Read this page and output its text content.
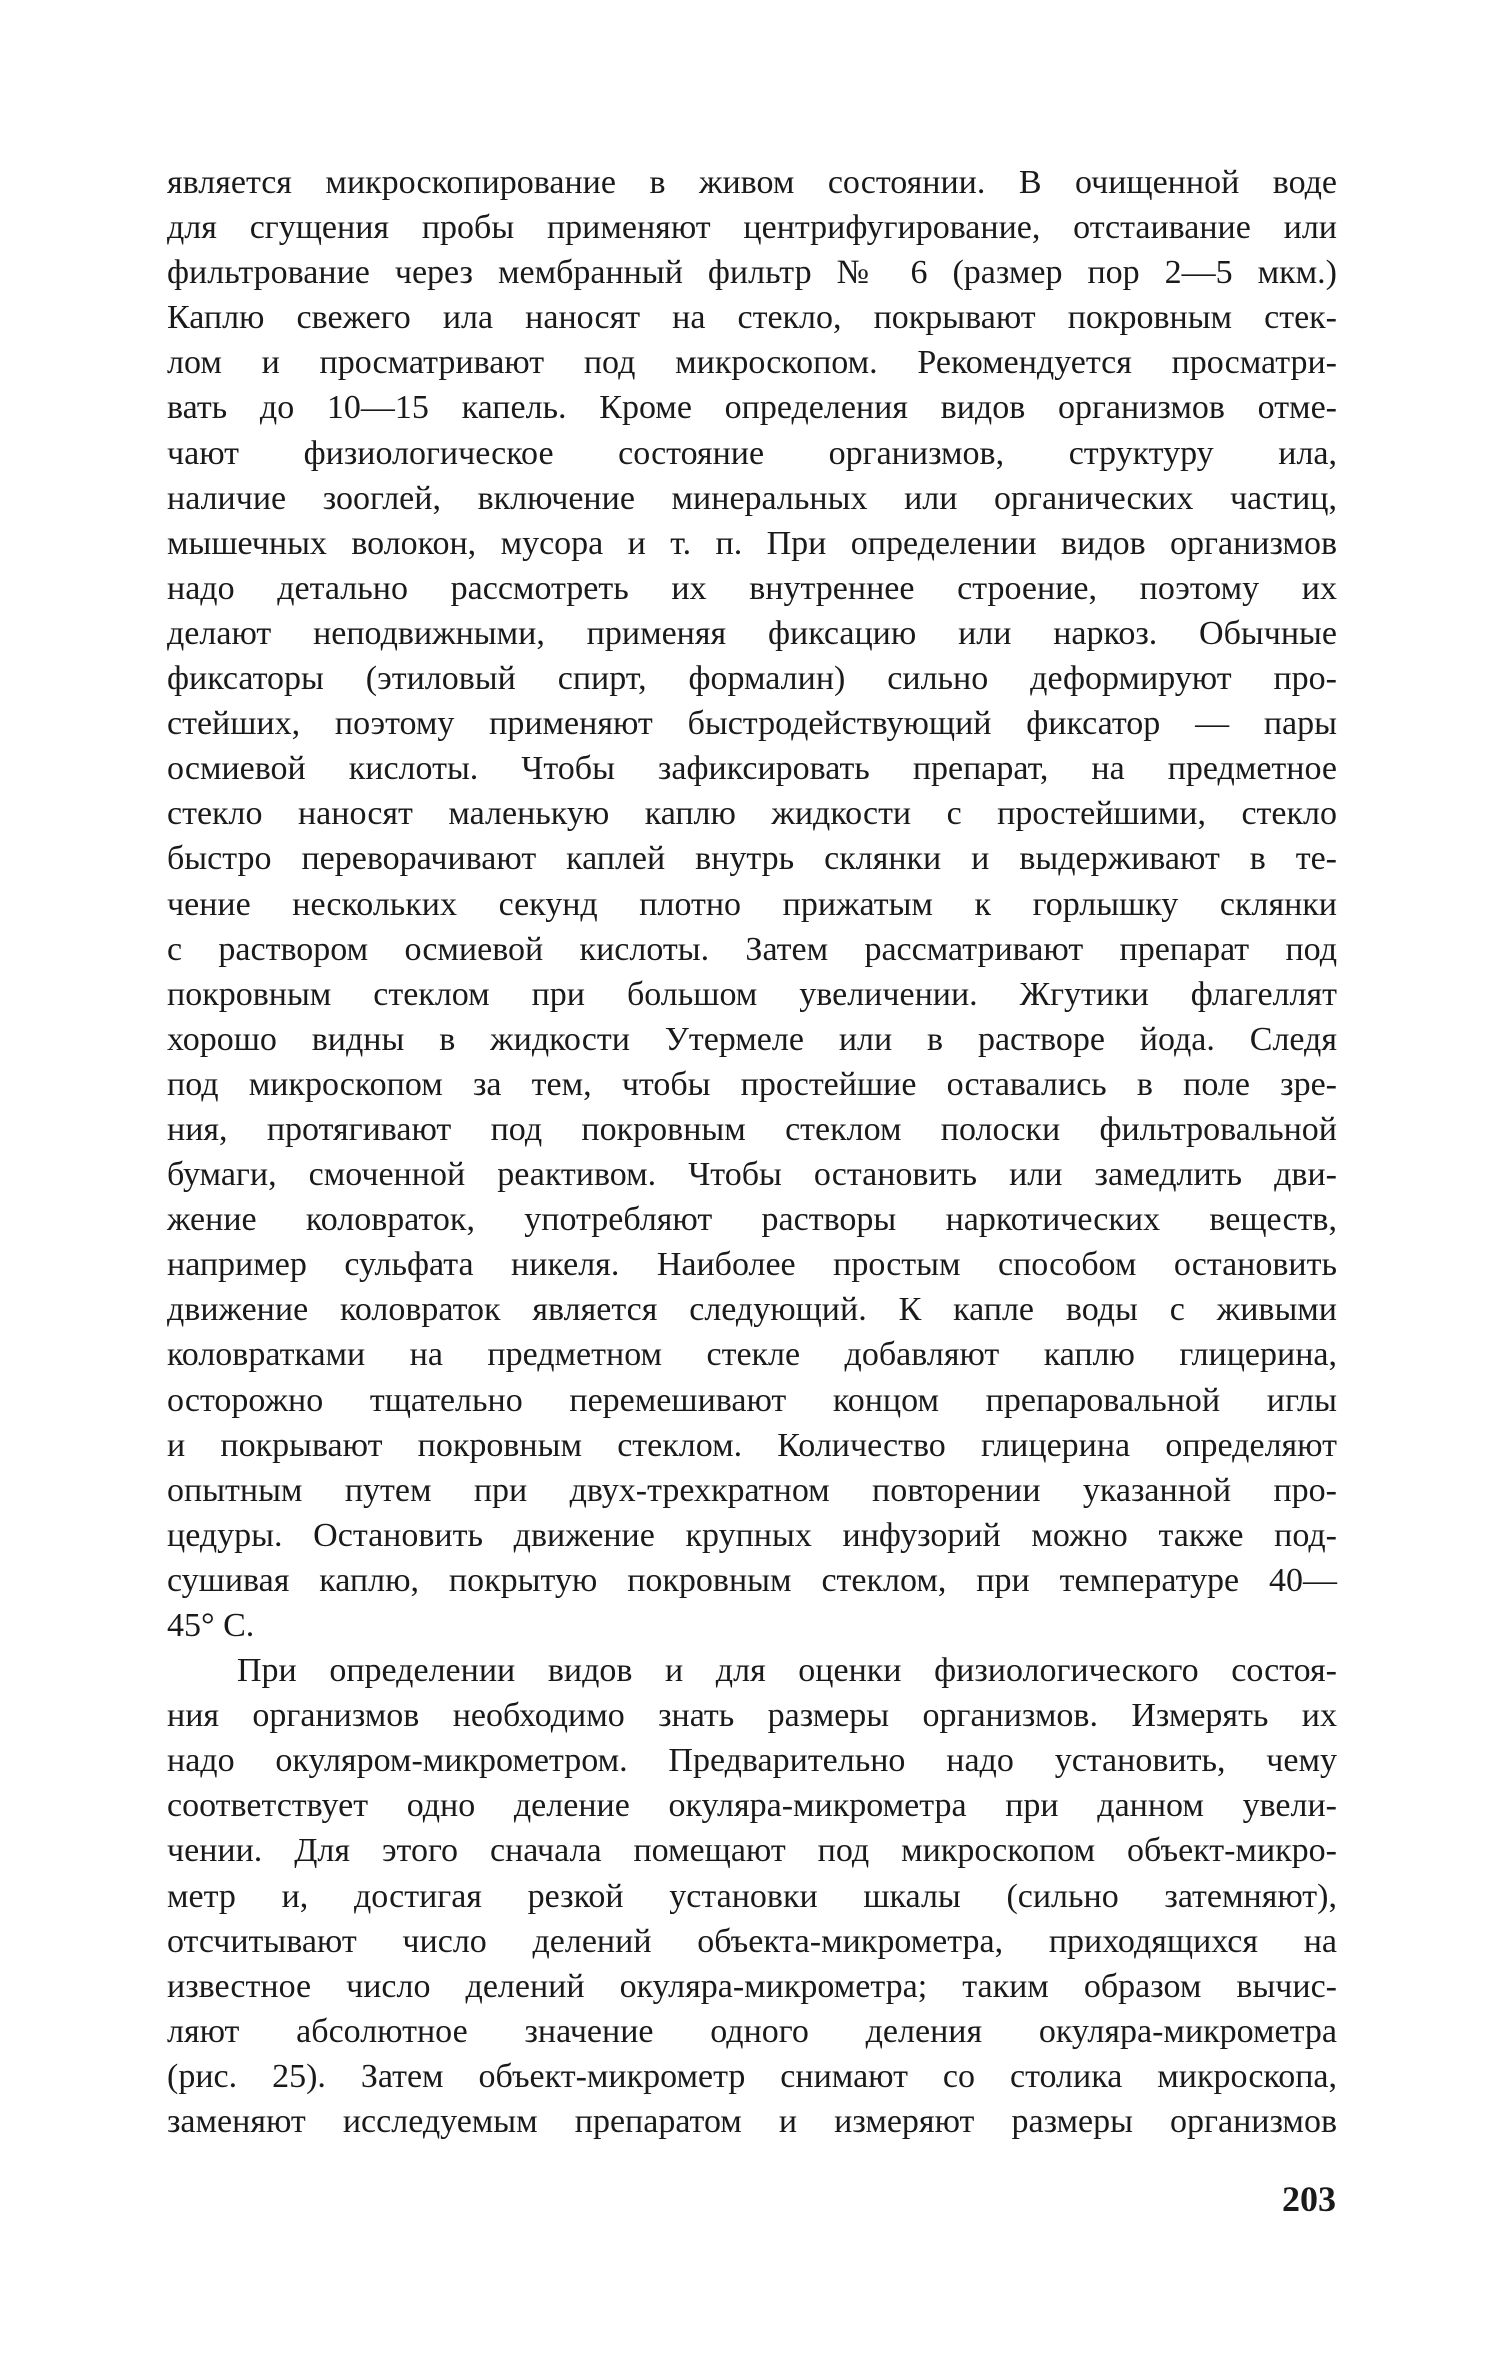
является микроскопирование в живом состоянии. В очищенной воде
для сгущения пробы применяют центрифугирование, отстаивание или
фильтрование через мембранный фильтр № 6 (размер пор 2—5 мкм.)
Каплю свежего ила наносят на стекло, покрывают покровным стек-
лом и просматривают под микроскопом. Рекомендуется просматри-
вать до 10—15 капель. Кроме определения видов организмов отме-
чают физиологическое состояние организмов, структуру ила,
наличие зооглей, включение минеральных или органических частиц,
мышечных волокон, мусора и т. п. При определении видов организмов
надо детально рассмотреть их внутреннее строение, поэтому их
делают неподвижными, применяя фиксацию или наркоз. Обычные
фиксаторы (этиловый спирт, формалин) сильно деформируют про-
стейших, поэтому применяют быстродействующий фиксатор — пары
осмиевой кислоты. Чтобы зафиксировать препарат, на предметное
стекло наносят маленькую каплю жидкости с простейшими, стекло
быстро переворачивают каплей внутрь склянки и выдерживают в те-
чение нескольких секунд плотно прижатым к горлышку склянки
с раствором осмиевой кислоты. Затем рассматривают препарат под
покровным стеклом при большом увеличении. Жгутики флагеллят
хорошо видны в жидкости Утермеле или в растворе йода. Следя
под микроскопом за тем, чтобы простейшие оставались в поле зре-
ния, протягивают под покровным стеклом полоски фильтровальной
бумаги, смоченной реактивом. Чтобы остановить или замедлить дви-
жение коловраток, употребляют растворы наркотических веществ,
например сульфата никеля. Наиболее простым способом остановить
движение коловраток является следующий. К капле воды с живыми
коловратками на предметном стекле добавляют каплю глицерина,
осторожно тщательно перемешивают концом препаровальной иглы
и покрывают покровным стеклом. Количество глицерина определяют
опытным путем при двух-трехкратном повторении указанной про-
цедуры. Остановить движение крупных инфузорий можно также под-
сушивая каплю, покрытую покровным стеклом, при температуре 40—
45° С.
При определении видов и для оценки физиологического состоя-
ния организмов необходимо знать размеры организмов. Измерять их
надо окуляром-микрометром. Предварительно надо установить, чему
соответствует одно деление окуляра-микрометра при данном увели-
чении. Для этого сначала помещают под микроскопом объект-микро-
метр и, достигая резкой установки шкалы (сильно затемняют),
отсчитывают число делений объекта-микрометра, приходящихся на
известное число делений окуляра-микрометра; таким образом вычис-
ляют абсолютное значение одного деления окуляра-микрометра
(рис. 25). Затем объект-микрометр снимают со столика микроскопа,
заменяют исследуемым препаратом и измеряют размеры организмов
203
